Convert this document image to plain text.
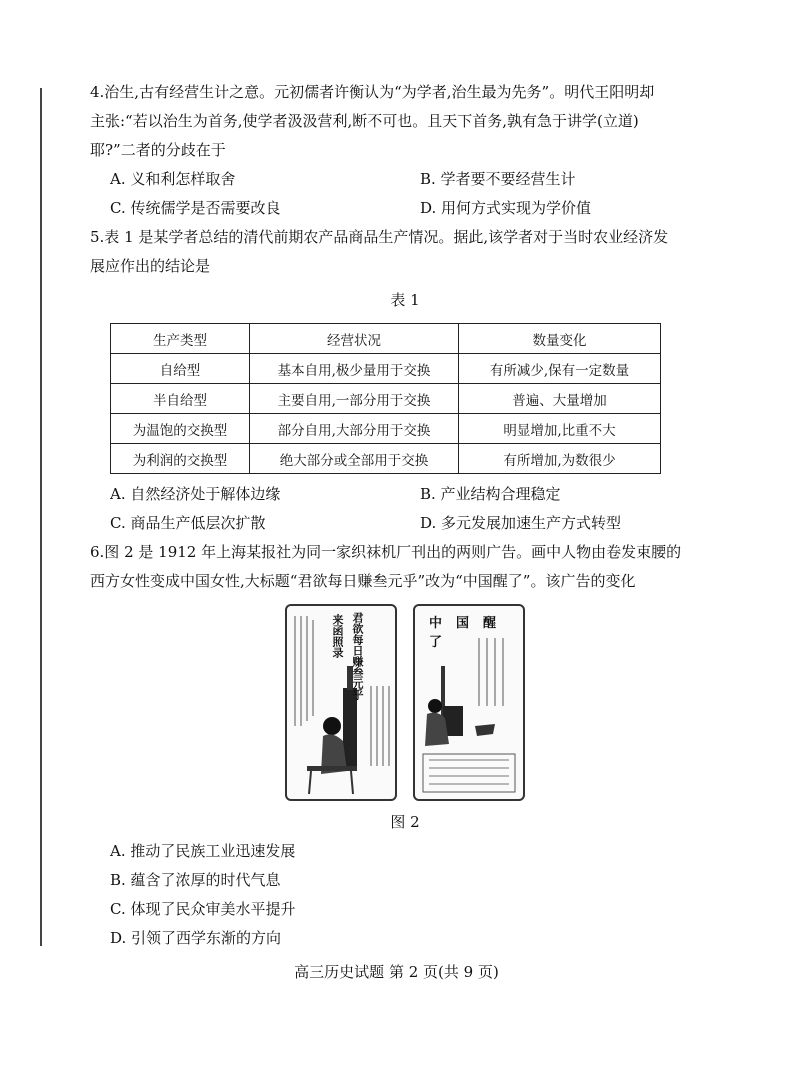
4.治生,古有经营生计之意。元初儒者许衡认为“为学者,治生最为先务”。明代王阳明却
主张:“若以治生为首务,使学者汲汲营利,断不可也。且天下首务,孰有急于讲学(立道)
耶?”二者的分歧在于
A. 义和利怎样取舍	B. 学者要不要经营生计
C. 传统儒学是否需要改良	D. 用何方式实现为学价值
5.表 1 是某学者总结的清代前期农产品商品生产情况。据此,该学者对于当时农业经济发
展应作出的结论是
表 1
生产类型	经营状况	数量变化
自给型	基本自用,极少量用于交换	有所减少,保有一定数量
半自给型	主要自用,一部分用于交换	普遍、大量增加
为温饱的交换型	部分自用,大部分用于交换	明显增加,比重不大
为利润的交换型	绝大部分或全部用于交换	有所增加,为数很少
A. 自然经济处于解体边缘	B. 产业结构合理稳定
C. 商品生产低层次扩散	D. 多元发展加速生产方式转型
6.图 2 是 1912 年上海某报社为同一家织袜机厂刊出的两则广告。画中人物由卷发束腰的
西方女性变成中国女性,大标题“君欲每日赚叁元乎”改为“中国醒了”。该广告的变化
来函照录 君欲每日赚叁元乎	中国醒了
图 2
A. 推动了民族工业迅速发展
B. 蕴含了浓厚的时代气息
C. 体现了民众审美水平提升
D. 引领了西学东渐的方向
高三历史试题 第 2 页(共 9 页)
